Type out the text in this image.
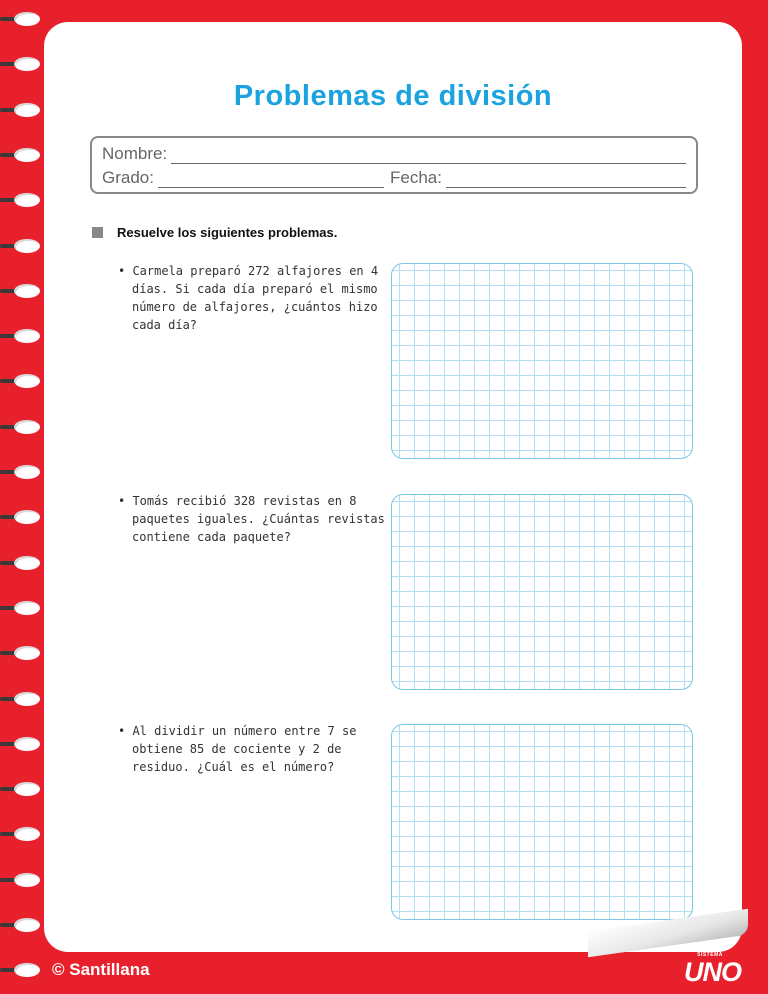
Problemas de división
Nombre:
Grado:	Fecha:
Resuelve los siguientes problemas.
• Carmela preparó 272 alfajores en 4 días. Si cada día preparó el mismo número de alfajores, ¿cuántos hizo cada día?
• Tomás recibió 328 revistas en 8 paquetes iguales. ¿Cuántas revistas contiene cada paquete?
• Al dividir un número entre 7 se obtiene 85 de cociente y 2 de residuo. ¿Cuál es el número?
© Santillana
SISTEMA
UNO
